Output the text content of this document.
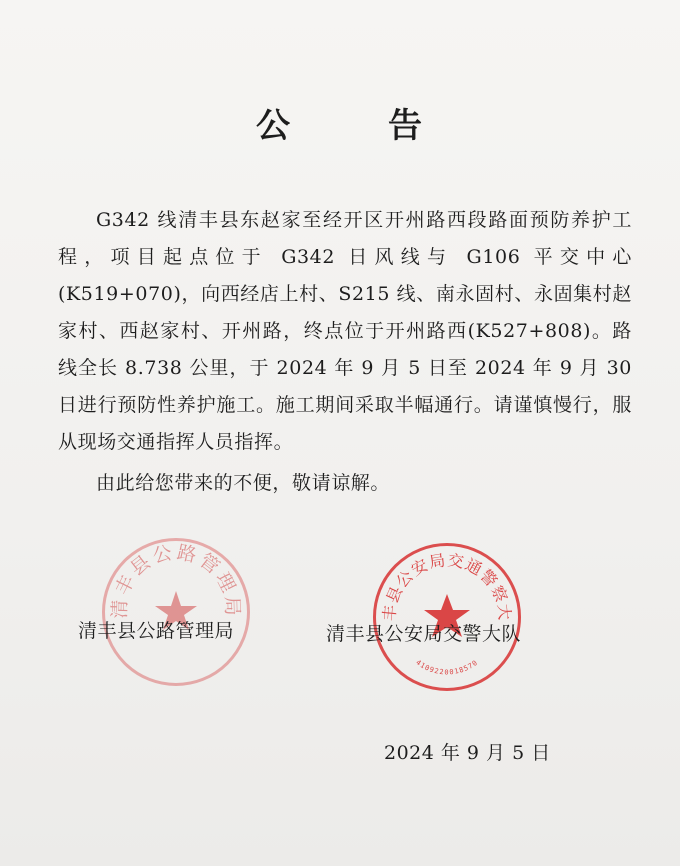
公	告

G342 线清丰县东赵家至经开区开州路西段路面预防养护工程，项目起点位于 G342 日风线与 G106 平交中心(K519+070)，向西经店上村、S215 线、南永固村、永固集村赵家村、西赵家村、开州路，终点位于开州路西(K527+808)。路线全长 8.738 公里，于 2024 年 9 月 5 日至 2024 年 9 月 30 日进行预防性养护施工。施工期间采取半幅通行。请谨慎慢行，服从现场交通指挥人员指挥。

由此给您带来的不便，敬请谅解。

清丰县公路管理局	丰县公安局交通警察大
4109220018570
清丰县公路管理局	清丰县公安局交警大队
2024 年 9 月 5 日
